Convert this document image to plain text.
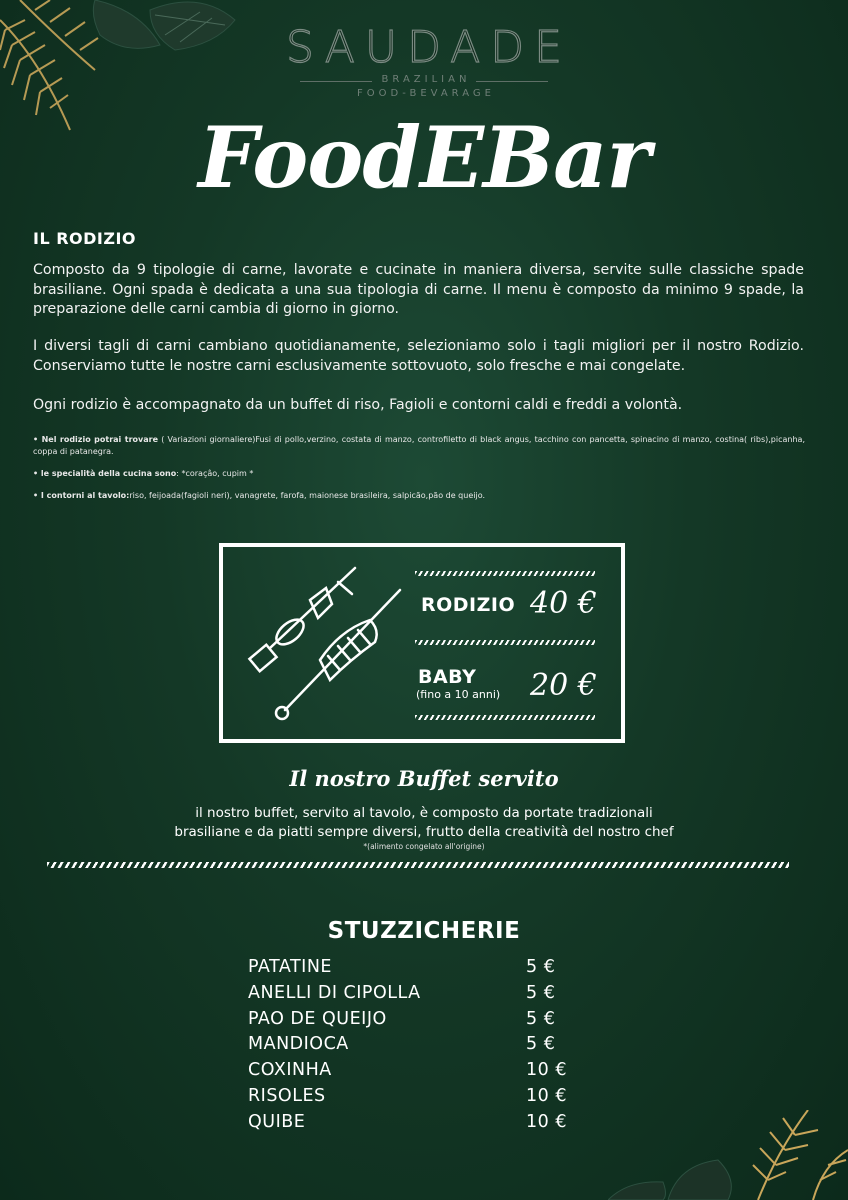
SAUDADE
BRAZILIAN
FOOD-BEVARAGE
FoodEBar
IL RODIZIO
Composto da 9 tipologie di carne, lavorate e cucinate in maniera diversa, servite sulle classiche spade brasiliane. Ogni spada è dedicata a una sua tipologia di carne. Il menu è composto da minimo 9 spade, la preparazione delle carni cambia di giorno in giorno.
I diversi tagli di carni cambiano quotidianamente, selezioniamo solo i tagli migliori per il nostro Rodizio. Conserviamo tutte le nostre carni esclusivamente sottovuoto, solo fresche e mai congelate.
Ogni rodizio è accompagnato da un buffet di riso, Fagioli e contorni caldi e freddi a volontà.
• Nel rodizio potrai trovare ( Variazioni giornaliere)Fusi di pollo,verzino, costata di manzo, controfiletto di black angus, tacchino con pancetta, spinacino di manzo, costina( ribs),picanha, coppa di patanegra.
• le specialità della cucina sono: *coraçâo, cupim *
• I contorni al tavolo:riso, feijoada(fagioli neri), vanagrete, farofa, maionese brasileira, salpicão,pão de queijo.
RODIZIO 40 €
BABY
(fino a 10 anni) 20 €
Il nostro Buffet servito
il nostro buffet, servito al tavolo, è composto da portate tradizionali
brasiliane e da piatti sempre diversi, frutto della creatività del nostro chef
*(alimento congelato all'origine)
STUZZICHERIE
PATATINE	5 €
ANELLI DI CIPOLLA	5 €
PAO DE QUEIJO	5 €
MANDIOCA	5 €
COXINHA	10 €
RISOLES	10 €
QUIBE	10 €
